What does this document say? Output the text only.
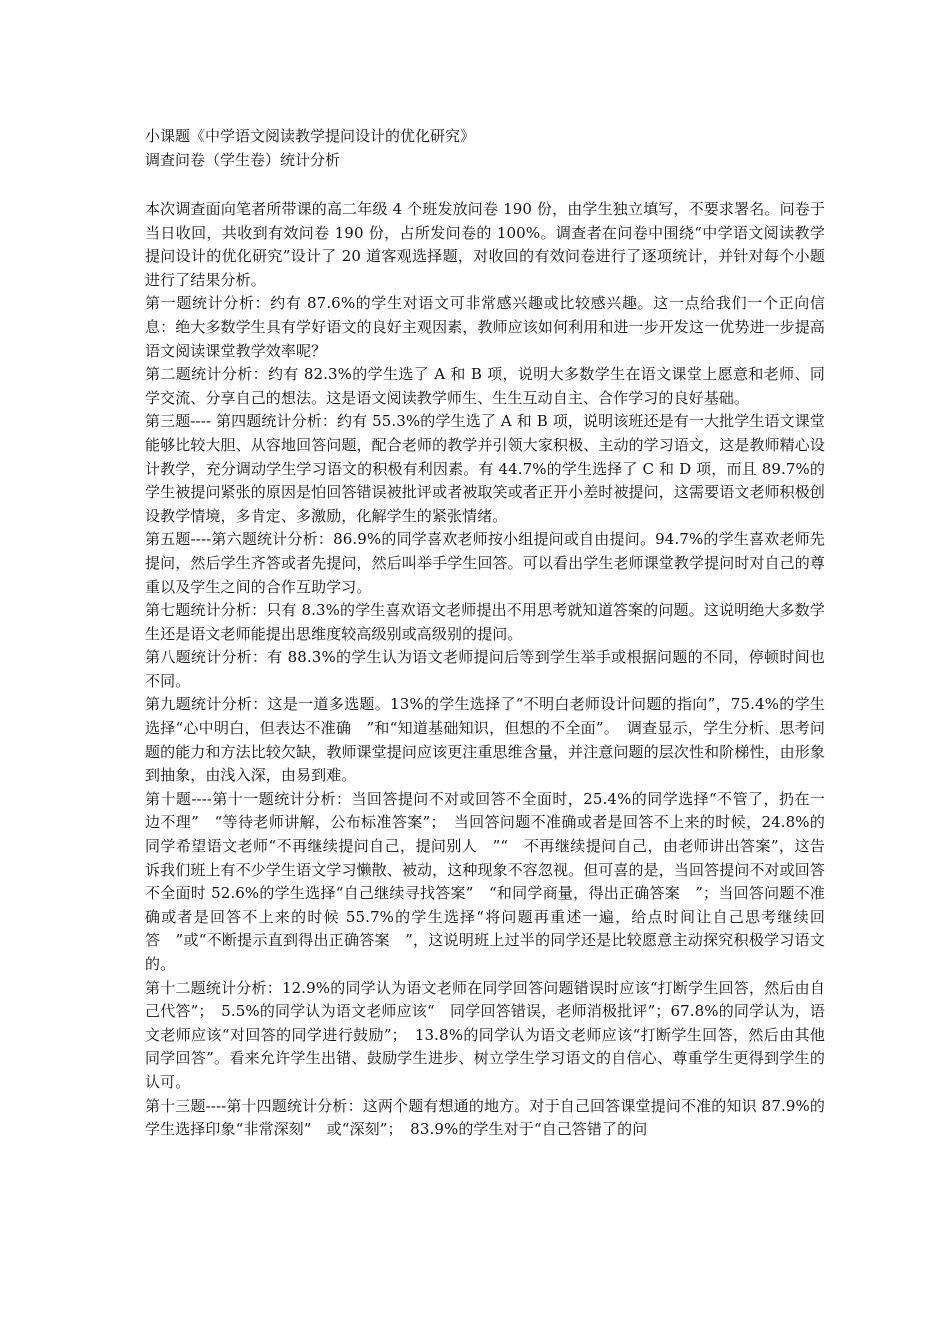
小课题《中学语文阅读教学提问设计的优化研究》

调查问卷（学生卷）统计分析

本次调查面向笔者所带课的高二年级 4 个班发放问卷 190 份，由学生独立填写，不要求署名。问卷于当日收回，共收到有效问卷 190 份，占所发问卷的 100%。调查者在问卷中围绕“中学语文阅读教学提问设计的优化研究”设计了 20 道客观选择题，对收回的有效问卷进行了逐项统计，并针对每个小题进行了结果分析。

第一题统计分析：约有 87.6%的学生对语文可非常感兴趣或比较感兴趣。这一点给我们一个正向信息：绝大多数学生具有学好语文的良好主观因素，教师应该如何利用和进一步开发这一优势进一步提高语文阅读课堂教学效率呢？

第二题统计分析：约有 82.3%的学生选了 A 和 B 项，说明大多数学生在语文课堂上愿意和老师、同学交流、分享自己的想法。这是语文阅读教学师生、生生互动自主、合作学习的良好基础。

第三题---- 第四题统计分析：约有 55.3%的学生选了 A 和 B 项，说明该班还是有一大批学生语文课堂能够比较大胆、从容地回答问题，配合老师的教学并引领大家积极、主动的学习语文，这是教师精心设计教学，充分调动学生学习语文的积极有利因素。有 44.7%的学生选择了 C 和 D 项，而且 89.7%的学生被提问紧张的原因是怕回答错误被批评或者被取笑或者正开小差时被提问，这需要语文老师积极创设教学情境，多肯定、多激励，化解学生的紧张情绪。

第五题----第六题统计分析：86.9%的同学喜欢老师按小组提问或自由提问。94.7%的学生喜欢老师先提问，然后学生齐答或者先提问，然后叫举手学生回答。可以看出学生老师课堂教学提问时对自己的尊重以及学生之间的合作互助学习。

第七题统计分析：只有 8.3%的学生喜欢语文老师提出不用思考就知道答案的问题。这说明绝大多数学生还是语文老师能提出思维度较高级别或高级别的提问。

第八题统计分析：有 88.3%的学生认为语文老师提问后等到学生举手或根据问题的不同，停顿时间也不同。

第九题统计分析：这是一道多选题。13%的学生选择了“不明白老师设计问题的指向”，75.4%的学生选择“心中明白，但表达不准确　”和“知道基础知识，但想的不全面”。　调查显示，学生分析、思考问题的能力和方法比较欠缺，教师课堂提问应该更注重思维含量，并注意问题的层次性和阶梯性，由形象到抽象，由浅入深，由易到难。

第十题----第十一题统计分析：当回答提问不对或回答不全面时，25.4%的同学选择“不管了，扔在一边不理”　“等待老师讲解，公布标准答案”；　当回答问题不准确或者是回答不上来的时候，24.8%的同学希望语文老师“不再继续提问自己，提问别人　”“　不再继续提问自己，由老师讲出答案”，这告诉我们班上有不少学生语文学习懒散、被动，这种现象不容忽视。但可喜的是，当回答提问不对或回答不全面时 52.6%的学生选择“自己继续寻找答案”　“和同学商量，得出正确答案　”；当回答问题不准确或者是回答不上来的时候 55.7%的学生选择“将问题再重述一遍，给点时间让自己思考继续回答　”或“不断提示直到得出正确答案　”，这说明班上过半的同学还是比较愿意主动探究积极学习语文的。

第十二题统计分析：12.9%的同学认为语文老师在同学回答问题错误时应该“打断学生回答，然后由自己代答”；　5.5%的同学认为语文老师应该“　同学回答错误，老师消极批评”；67.8%的同学认为，语文老师应该“对回答的同学进行鼓励”；　13.8%的同学认为语文老师应该“打断学生回答，然后由其他同学回答”。看来允许学生出错、鼓励学生进步、树立学生学习语文的自信心、尊重学生更得到学生的认可。

第十三题----第十四题统计分析：这两个题有想通的地方。对于自己回答课堂提问不准的知识 87.9%的学生选择印象“非常深刻”　或“深刻”；　83.9%的学生对于“自己答错了的问
